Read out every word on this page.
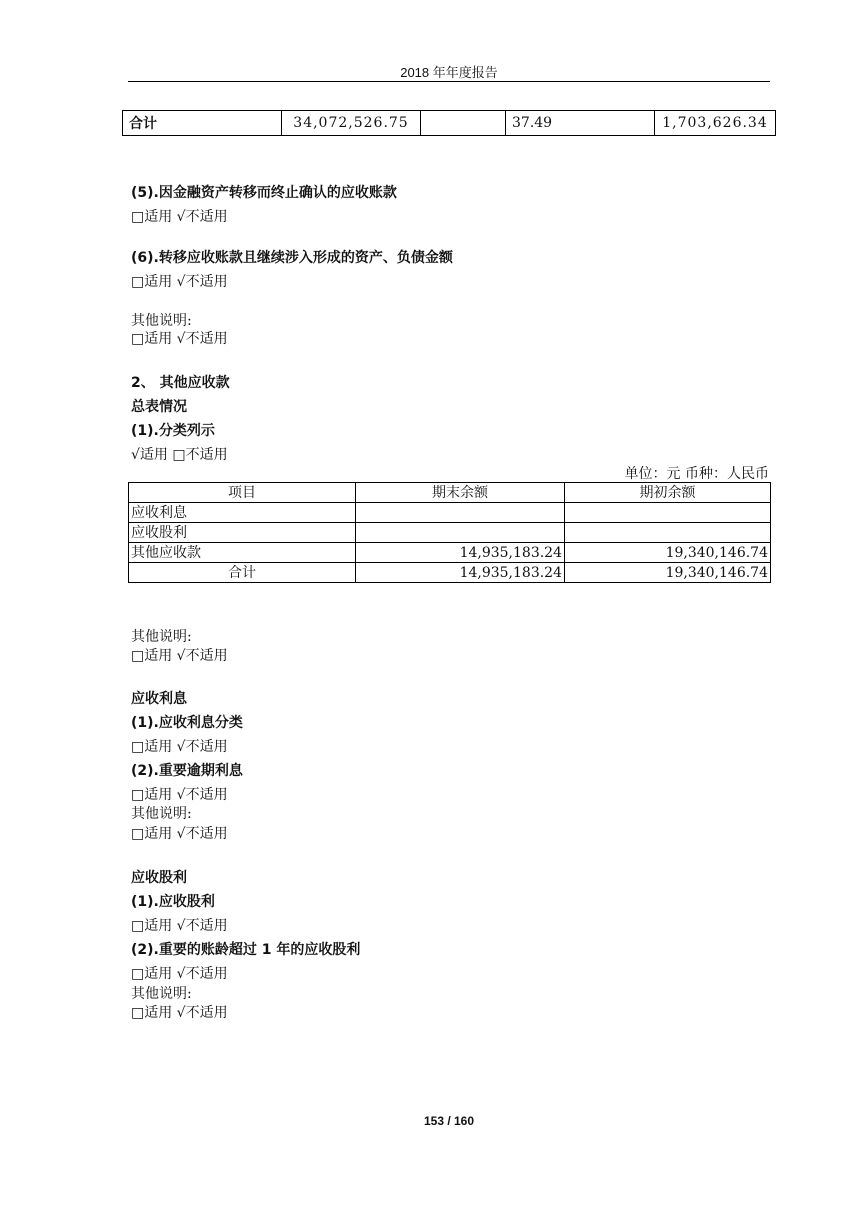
2018 年年度报告
合计	34,072,526.75		37.49	1,703,626.34
(5).因金融资产转移而终止确认的应收账款
□适用 √不适用
(6).转移应收账款且继续涉入形成的资产、负债金额
□适用 √不适用
其他说明:
□适用 √不适用
2、 其他应收款
总表情况
(1).分类列示
√适用 □不适用
单位：元 币种：人民币
项目	期末余额	期初余额
应收利息		
应收股利		
其他应收款	14,935,183.24	19,340,146.74
合计	14,935,183.24	19,340,146.74
其他说明:
□适用 √不适用
应收利息
(1).应收利息分类
□适用 √不适用
(2).重要逾期利息
□适用 √不适用
其他说明:
□适用 √不适用
应收股利
(1).应收股利
□适用 √不适用
(2).重要的账龄超过 1 年的应收股利
□适用 √不适用
其他说明:
□适用 √不适用
153 / 160
